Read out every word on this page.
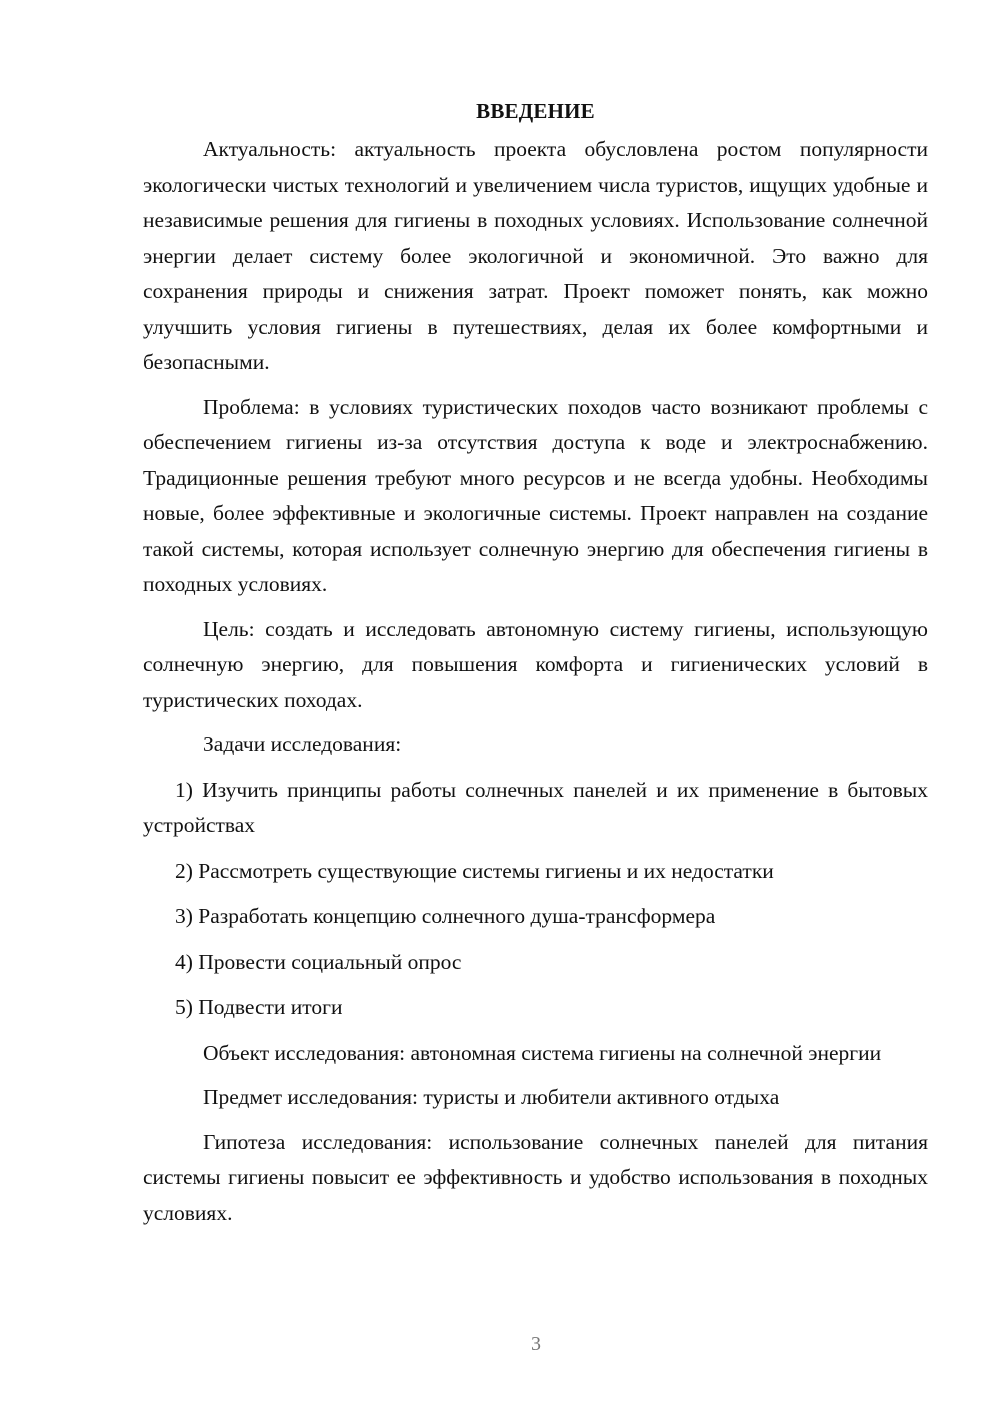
ВВЕДЕНИЕ

Актуальность: актуальность проекта обусловлена ростом популярности экологически чистых технологий и увеличением числа туристов, ищущих удобные и независимые решения для гигиены в походных условиях. Использование солнечной энергии делает систему более экологичной и экономичной. Это важно для сохранения природы и снижения затрат. Проект поможет понять, как можно улучшить условия гигиены в путешествиях, делая их более комфортными и безопасными.

Проблема: в условиях туристических походов часто возникают проблемы с обеспечением гигиены из-за отсутствия доступа к воде и электроснабжению. Традиционные решения требуют много ресурсов и не всегда удобны. Необходимы новые, более эффективные и экологичные системы. Проект направлен на создание такой системы, которая использует солнечную энергию для обеспечения гигиены в походных условиях.

Цель: создать и исследовать автономную систему гигиены, использующую солнечную энергию, для повышения комфорта и гигиенических условий в туристических походах.

Задачи исследования:

1) Изучить принципы работы солнечных панелей и их применение в бытовых устройствах
2) Рассмотреть существующие системы гигиены и их недостатки
3) Разработать концепцию солнечного душа-трансформера
4) Провести социальный опрос
5) Подвести итоги

Объект исследования: автономная система гигиены на солнечной энергии

Предмет исследования: туристы и любители активного отдыха

Гипотеза исследования: использование солнечных панелей для питания системы гигиены повысит ее эффективность и удобство использования в походных условиях.

3
